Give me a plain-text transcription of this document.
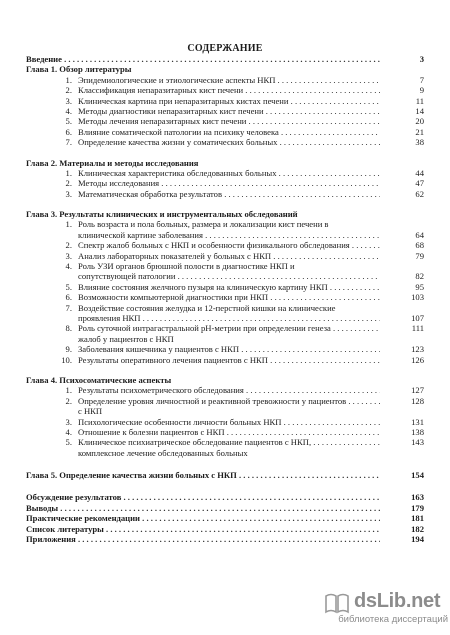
СОДЕРЖАНИЕ
Введение . . .	3
Глава 1. Обзор литературы
1. Эпидемиологические и этиологические аспекты НКП . . .	7
2. Классификация непаразитарных кист печени . . .	9
3. Клиническая картина при непаразитарных кистах печени . . .	11
4. Методы диагностики непаразитарных кист печени . . .	14
5. Методы лечения непаразитарных кист печени . . .	20
6. Влияние соматической патологии на психику человека . . .	21
7. Определение качества жизни у соматических больных . . .	38
Глава 2. Материалы и методы исследования
1. Клиническая характеристика обследованных больных . . .	44
2. Методы исследования . . .	47
3. Математическая обработка результатов . . .	62
Глава 3. Результаты клинических и инструментальных обследований
1. Роль возраста и пола больных, размера и локализации кист печени в
клинической картине заболевания . . .	64
2. Спектр жалоб больных с НКП и особенности физикального обследования . . .	68
3. Анализ лабораторных показателей у больных с НКП . . .	79
4. Роль УЗИ органов брюшной полости в диагностике НКП и
сопутствующей патологии . . .	82
5. Влияние состояния желчного пузыря на клиническую картину НКП . . .	95
6. Возможности компьютерной диагностики при НКП . . .	103
7. Воздействие состояния желудка и 12-перстной кишки на клинические
проявления НКП . . .	107
8. Роль суточной интрагастральной pH-метрии при определении генеза . . .	111
жалоб у пациентов с НКП
9. Заболевания кишечника у пациентов с НКП . . .	123
10. Результаты оперативного лечения пациентов с НКП . . .	126
Глава 4. Психосоматические аспекты
1. Результаты психометрического обследования . . .	127
2. Определение уровня личностной и реактивной тревожности у пациентов . . .	128
с НКП
3. Психологические особенности личности больных НКП . . .	131
4. Отношение к болезни пациентов с НКП . . .	138
5. Клиническое психиатрическое обследование пациентов с НКП, . . .	143
комплексное лечение обследованных больных
Глава 5. Определение качества жизни больных с НКП . . .	154
Обсуждение результатов . . .	163
Выводы . . .	179
Практические рекомендации . . .	181
Список литературы . . .	182
Приложения . . .	194
dsLib.net
библиотека диссертаций
